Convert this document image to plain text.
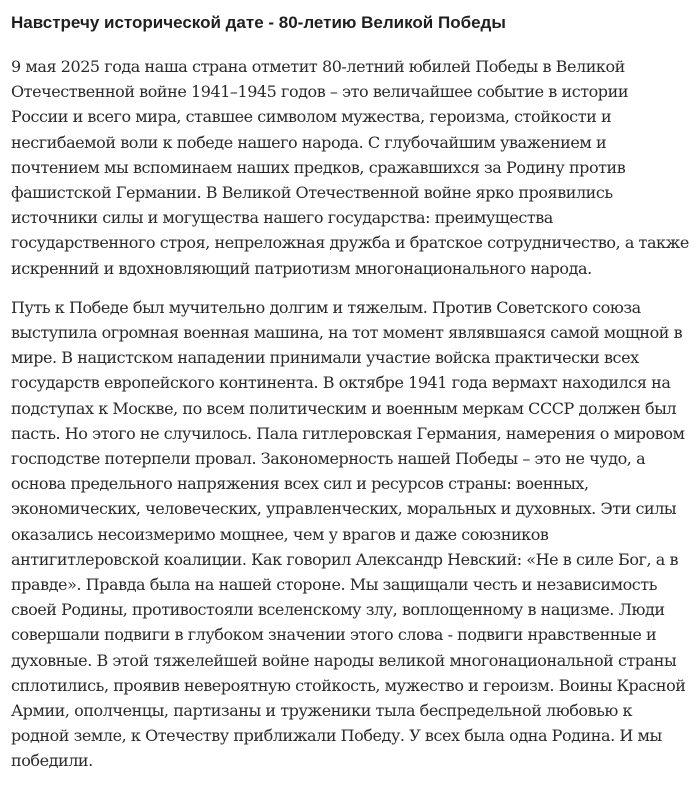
Навстречу исторической дате - 80-летию Великой Победы

9 мая 2025 года наша страна отметит 80-летний юбилей Победы в Великой Отечественной войне 1941–1945 годов – это величайшее событие в истории России и всего мира, ставшее символом мужества, героизма, стойкости и несгибаемой воли к победе нашего народа. С глубочайшим уважением и почтением мы вспоминаем наших предков, сражавшихся за Родину против фашистской Германии. В Великой Отечественной войне ярко проявились источники силы и могущества нашего государства: преимущества государственного строя, непреложная дружба и братское сотрудничество, а также искренний и вдохновляющий патриотизм многонационального народа.

Путь к Победе был мучительно долгим и тяжелым. Против Советского союза выступила огромная военная машина, на тот момент являвшаяся самой мощной в мире. В нацистском нападении принимали участие войска практически всех государств европейского континента. В октябре 1941 года вермахт находился на подступах к Москве, по всем политическим и военным меркам СССР должен был пасть. Но этого не случилось. Пала гитлеровская Германия, намерения о мировом господстве потерпели провал. Закономерность нашей Победы – это не чудо, а основа предельного напряжения всех сил и ресурсов страны: военных, экономических, человеческих, управленческих, моральных и духовных. Эти силы оказались несоизмеримо мощнее, чем у врагов и даже союзников антигитлеровской коалиции. Как говорил Александр Невский: «Не в силе Бог, а в правде». Правда была на нашей стороне. Мы защищали честь и независимость своей Родины, противостояли вселенскому злу, воплощенному в нацизме. Люди совершали подвиги в глубоком значении этого слова - подвиги нравственные и духовные. В этой тяжелейшей войне народы великой многонациональной страны сплотились, проявив невероятную стойкость, мужество и героизм. Воины Красной Армии, ополченцы, партизаны и труженики тыла беспредельной любовью к родной земле, к Отечеству приближали Победу. У всех была одна Родина. И мы победили.
